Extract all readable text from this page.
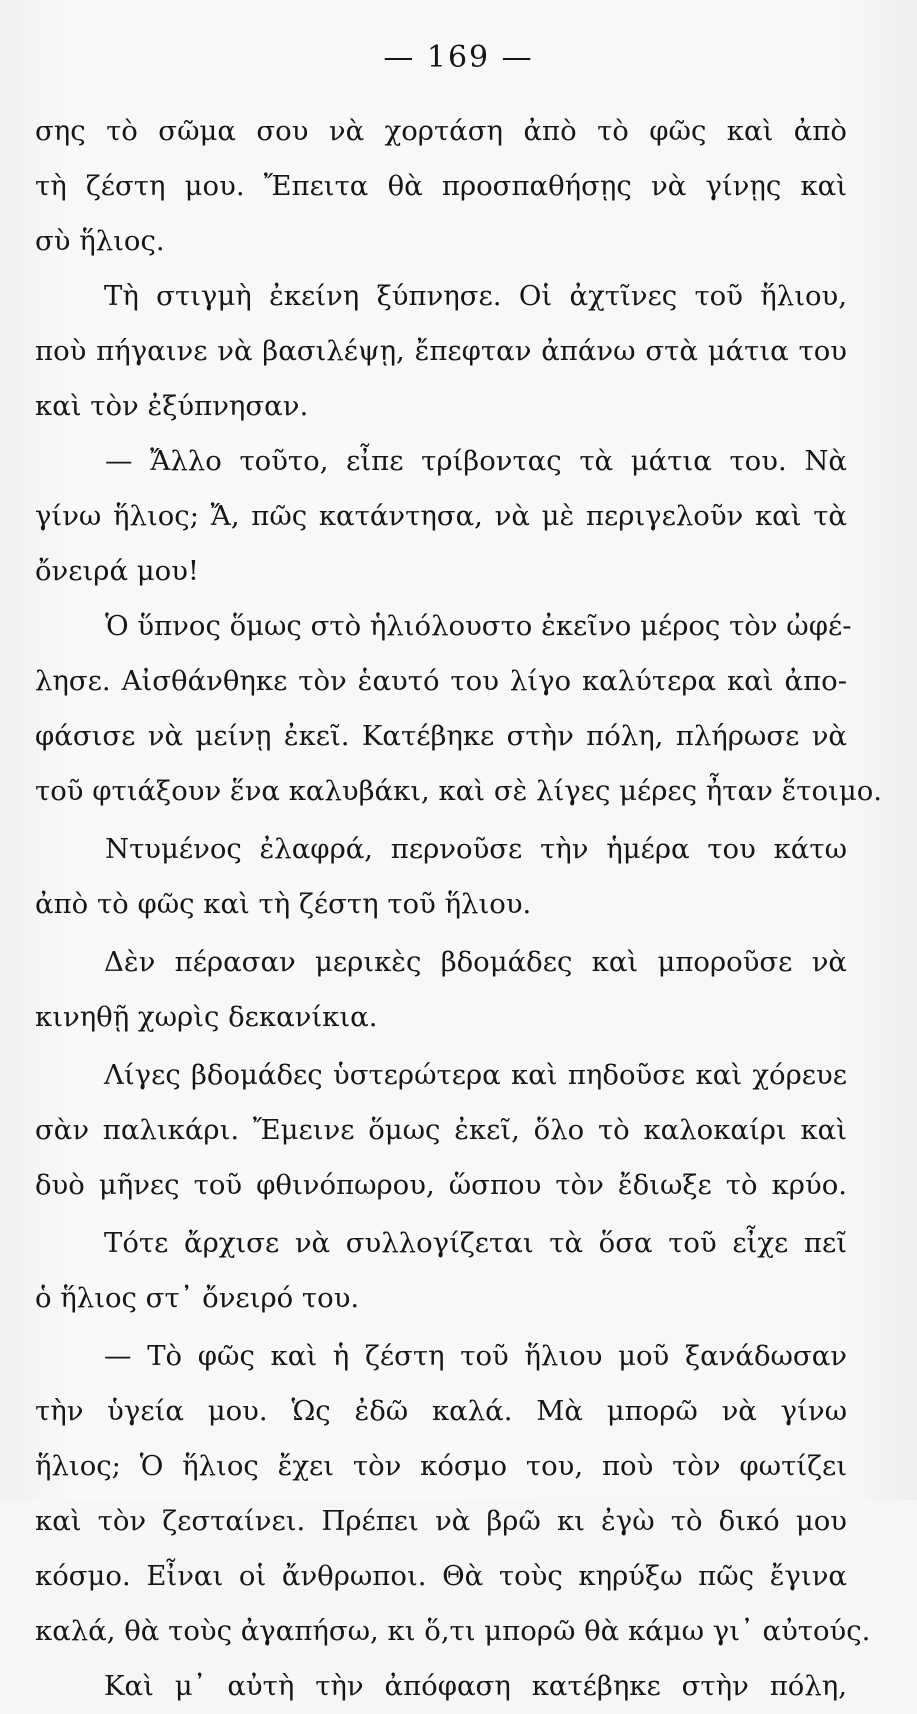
— 169 —
σης τὸ σῶμα σου νὰ χορτάση ἀπὸ τὸ φῶς καὶ ἀπὸ
τὴ ζέστη μου. Ἔπειτα θὰ προσπαθήσῃς νὰ γίνῃς καὶ
σὺ ἥλιος.
Τὴ στιγμὴ ἐκείνη ξύπνησε. Οἱ ἀχτῖνες τοῦ ἥλιου,
ποὺ πήγαινε νὰ βασιλέψῃ, ἔπεφταν ἀπάνω στὰ μάτια του
καὶ τὸν ἐξύπνησαν.
— Ἄλλο τοῦτο, εἶπε τρίβοντας τὰ μάτια του. Νὰ
γίνω ἥλιος; Ἄ, πῶς κατάντησα, νὰ μὲ περιγελοῦν καὶ τὰ
ὄνειρά μου!
Ὁ ὕπνος ὅμως στὸ ἡλιόλουστο ἐκεῖνο μέρος τὸν ὠφέ-
λησε. Αἰσθάνθηκε τὸν ἑαυτό του λίγο καλύτερα καὶ ἀπο-
φάσισε νὰ μείνῃ ἐκεῖ. Κατέβηκε στὴν πόλη, πλήρωσε νὰ
τοῦ φτιάξουν ἕνα καλυβάκι, καὶ σὲ λίγες μέρες ἦταν ἕτοιμο.
Ντυμένος ἐλαφρά, περνοῦσε τὴν ἡμέρα του κάτω
ἀπὸ τὸ φῶς καὶ τὴ ζέστη τοῦ ἥλιου.
Δὲν πέρασαν μερικὲς βδομάδες καὶ μποροῦσε νὰ
κινηθῇ χωρὶς δεκανίκια.
Λίγες βδομάδες ὑστερώτερα καὶ πηδοῦσε καὶ χόρευε
σὰν παλικάρι. Ἔμεινε ὅμως ἐκεῖ, ὅλο τὸ καλοκαίρι καὶ
δυὸ μῆνες τοῦ φθινόπωρου, ὥσπου τὸν ἔδιωξε τὸ κρύο.
Τότε ἄρχισε νὰ συλλογίζεται τὰ ὅσα τοῦ εἶχε πεῖ
ὁ ἥλιος στ᾽ ὄνειρό του.
— Τὸ φῶς καὶ ἡ ζέστη τοῦ ἥλιου μοῦ ξανάδωσαν
τὴν ὑγεία μου. Ὡς ἐδῶ καλά. Μὰ μπορῶ νὰ γίνω
ἥλιος; Ὁ ἥλιος ἔχει τὸν κόσμο του, ποὺ τὸν φωτίζει
καὶ τὸν ζεσταίνει. Πρέπει νὰ βρῶ κι ἐγὼ τὸ δικό μου
κόσμο. Εἶναι οἱ ἄνθρωποι. Θὰ τοὺς κηρύξω πῶς ἔγινα
καλά, θὰ τοὺς ἀγαπήσω, κι ὅ,τι μπορῶ θὰ κάμω γι᾽ αὐτούς.
Καὶ μ᾽ αὐτὴ τὴν ἀπόφαση κατέβηκε στὴν πόλη,
